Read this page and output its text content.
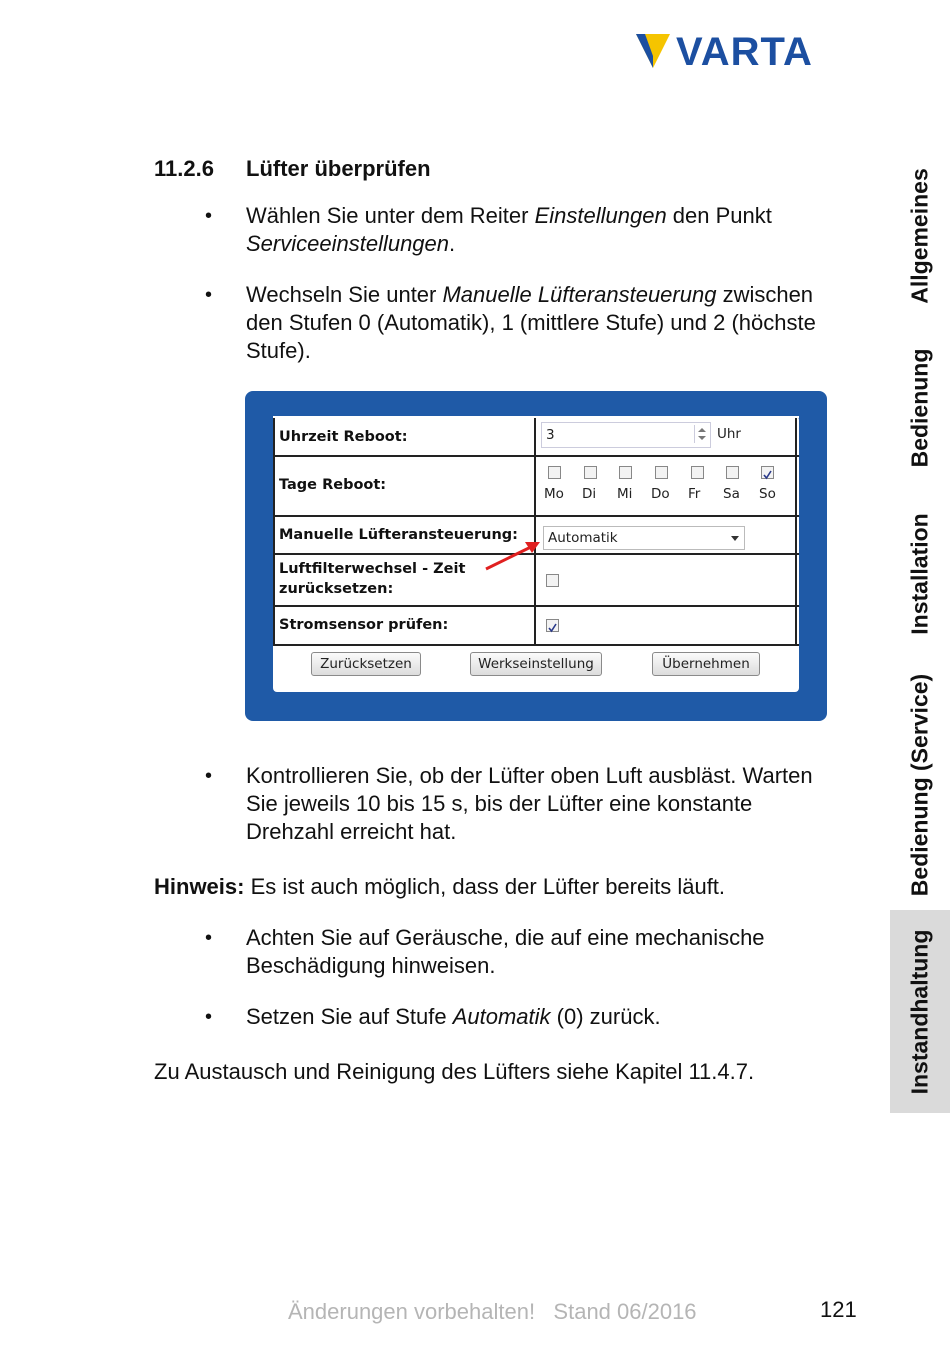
VARTA
11.2.6 Lüfter überprüfen
• Wählen Sie unter dem Reiter Einstellungen den Punkt
Serviceeinstellungen.
• Wechseln Sie unter Manuelle Lüfteransteuerung zwischen
den Stufen 0 (Automatik), 1 (mittlere Stufe) und 2 (höchste
Stufe).
Uhrzeit Reboot:	3	Uhr
Tage Reboot:
Mo Di Mi Do Fr Sa So
Manuelle Lüfteransteuerung: Automatik
Luftfilterwechsel - Zeit
zurücksetzen:
Stromsensor prüfen:
Zurücksetzen	Werkseinstellung	Übernehmen
• Kontrollieren Sie, ob der Lüfter oben Luft ausbläst. Warten
Sie jeweils 10 bis 15 s, bis der Lüfter eine konstante
Drehzahl erreicht hat.
Hinweis: Es ist auch möglich, dass der Lüfter bereits läuft.
• Achten Sie auf Geräusche, die auf eine mechanische
Beschädigung hinweisen.
• Setzen Sie auf Stufe Automatik (0) zurück.
Zu Austausch und Reinigung des Lüfters siehe Kapitel 11.4.7.
Allgemeines
Bedienung
Installation
Bedienung (Service)
Instandhaltung
Änderungen vorbehalten!   Stand 06/2016	121
